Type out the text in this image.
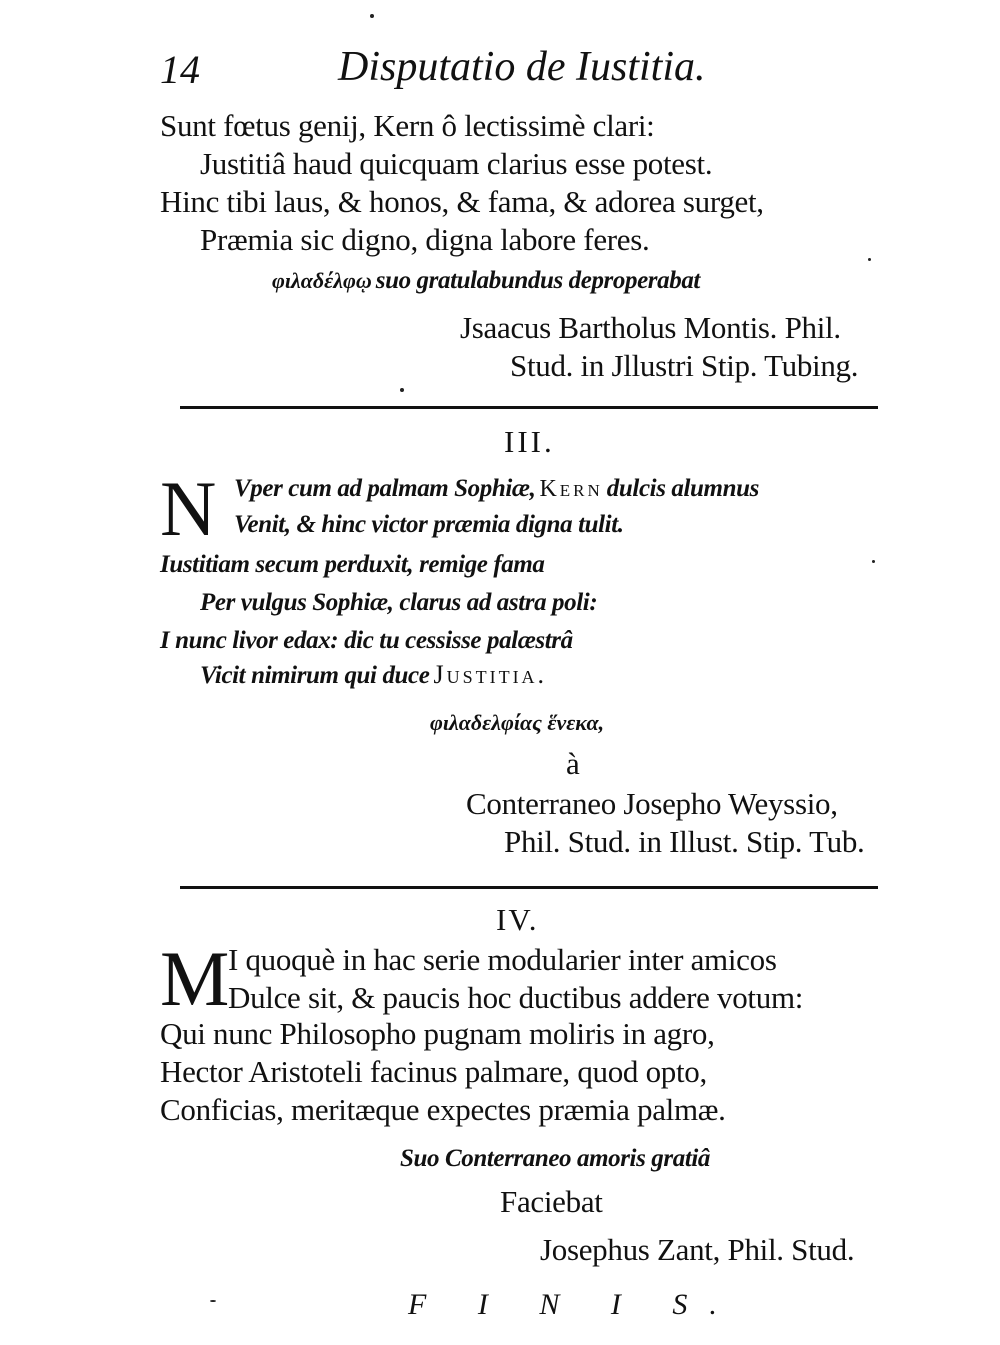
14	Disputatio de Iustitia.
Sunt fœtus genij, Kern ô lectissimè clari:
Justitiâ haud quicquam clarius esse potest.
Hinc tibi laus, & honos, & fama, & adorea surget,
Præmia sic digno, digna labore feres.
φιλαδέλφῳ suo gratulabundus deproperabat
Jsaacus Bartholus Montis. Phil.
Stud. in Jllustri Stip. Tubing.
III.
N Vper cum ad palmam Sophiæ, Kern dulcis alumnus
Venit, & hinc victor præmia digna tulit.
Iustitiam secum perduxit, remige fama
Per vulgus Sophiæ, clarus ad astra poli:
I nunc livor edax: dic tu cessisse palæstrâ
Vicit nimirum qui duce Justitia.
φιλαδελφίας ἕνεκα,
à
Conterraneo Josepho Weyssio,
Phil. Stud. in Illust. Stip. Tub.
IV.
M
I quoquè in hac serie modularier inter amicos
Dulce sit, & paucis hoc ductibus addere votum:
Qui nunc Philosopho pugnam moliris in agro,
Hector Aristoteli facinus palmare, quod opto,
Conficias, meritæque expectes præmia palmæ.
Suo Conterraneo amoris gratiâ
Faciebat
Josephus Zant, Phil. Stud.
F I N I S.
